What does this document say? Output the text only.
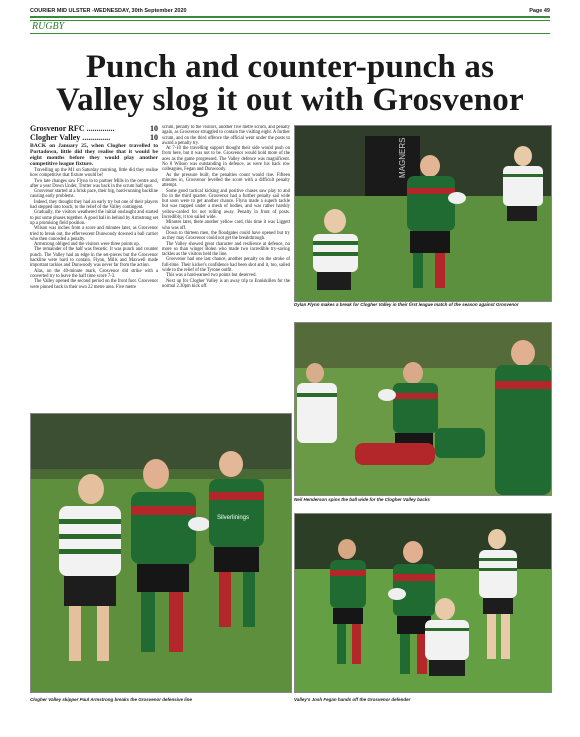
COURIER MID ULSTER -WEDNESDAY, 30th September 2020	Page 49
RUGBY
Punch and counter-punch as
Valley slog it out with Grosvenor
Grosvenor RFC ..............	10
Clogher Valley ..............	10
BACK on January 25, when Clogher travelled to Portadown, little did they realise that it would be eight months before they would play another competitive league fixture.

Travelling up the M1 on Saturday morning, little did they realise how competitive that fixture would be!

Two late changes saw Flynn in to partner Mills in the centre and, after a year Down Under, Trotter was back in the scrum half spot.

Grosvenor started at a brisk pace, their big, hard-running backline causing early problems.

Indeed, they thought they had an early try but one of their players had stepped into touch, to the relief of the Valley contingent.

Gradually, the visitors weathered the initial onslaught and started to put some phases together. A good ball in behind by Armstrong set up a promising field position.

Wilson was inches from a score and minutes later, as Grosvenor tried to break out, the effervescent Dunwoody downed a ball carrier who then conceded a penalty.

Armstrong obliged and the visitors were three points up.

The remainder of the half was frenetic. It was punch and counter punch. The Valley had an edge in the set-pieces but the Grosvenor backline were hard to contain. Flynn, Mills and Maxwell made important tackles and Dunwoody was never far from the action.

Alas, on the 40-minute mark, Grosvenor did strike with a converted try to leave the half time score 7-3.

The Valley opened the second period on the front foot. Grosvenor were pinned back in their own 22 metre area. Five metre

scrum, penalty to the visitors, another five metre scrum, and penalty again, as Grosvenor struggled to contain the visiting eight. A further scrum, and on the third offence the official went under the posts to award a penalty try.

At 7-10 the travelling support thought their side would push on from here, but it was not to be. Grosvenor would hold more of the aces as the game progressed. The Valley defence was magnificent. No 8 Wilson was outstanding in defence, as were his back row colleagues, Fegan and Dunwoody.

As the pressure built, the penalties count would rise. Fifteen minutes in, Grosvenor levelled the score with a difficult penalty attempt.

Some good tactical kicking and positive chases saw play to and fro in the third quarter. Grosvenor had a further penalty sail wide but soon were to get another chance. Flynn made a superb tackle but was trapped under a mesh of bodies, and was rather harshly yellow-carded for not rolling away. Penalty in front of posts. Incredibly, it too sailed wide.

Minutes later, there another yellow card, this time it was Liggett who was off.

Down to thirteen men, the floodgates could have opened but try as they may Grosvenor could not get the breakthrough.

The Valley showed great character and resilience at defence, no more so than winger Bolen who made two incredible try-saving tackles as the visitors held the line.

Grosvenor had one last chance, another penalty on the stroke of full-time. Their kicker's confidence had been shot and it, too, sailed wide to the relief of the Tyrone outfit.

This was a hard-earned two points but deserved.

Next up for Clogher Valley is an away trip to Enniskillen for the normal 2.30pm kick off.

MAGNERS
Dylan Flynn makes a break for Clogher Valley in their first league match of the season against Grosvenor
Neil Henderson spins the ball wide for the Clogher Valley backs
Silverlinings
Clogher Valley skipper Paul Armstrong breaks the Grosvenor defensive line	Valley's Josh Fegan hands off the Grosvenor defender
